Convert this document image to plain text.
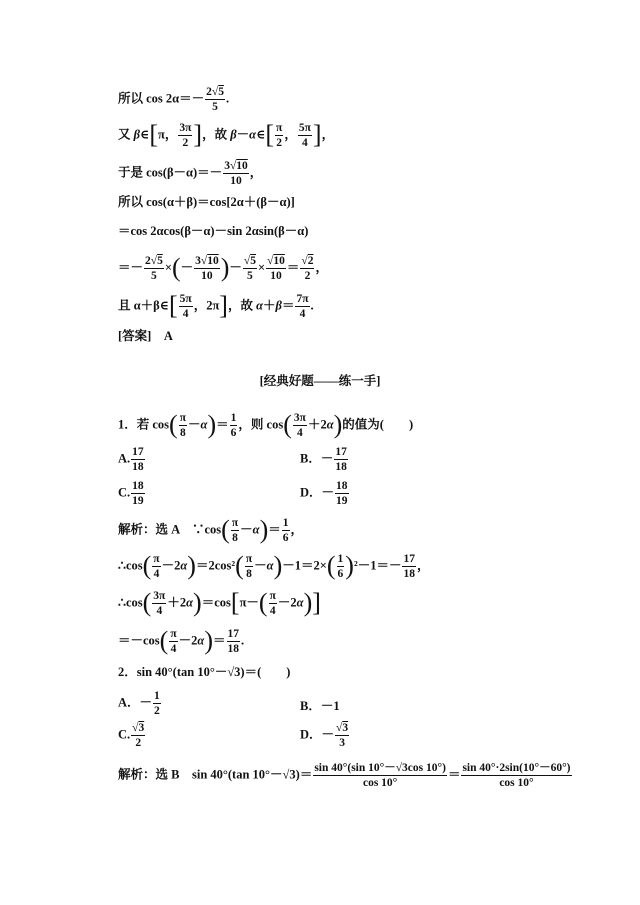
所以 $\cos 2\alpha=- \frac{2√5}{5}$ .
又 β∈[π， $\frac{3\pi}{2}$ ]，故 β－α∈[ $\frac{\pi}{2}$ ， $\frac{5\pi}{4}$ ]，
于是 $\cos(\beta-\alpha)=- \frac{3√10}{10}$ ，
所以 cos(α＋β)＝cos[2α＋(β－α)]
＝cos 2αcos(β－α)－sin 2αsin(β－α)
＝－ $\frac{2√5}{5}$ ×(－ $\frac{3√10}{10}$ )－ $\frac{√5}{5} \times \frac{√10}{10} = \frac{√2}{2}$ ，
且 α＋β∈[ $\frac{5\pi}{4}$ ，2π]，故 $\alpha+\beta= \frac{7\pi}{4}$ .
[答案]　A
[经典好题——练一手]
1．若 $\cos( \frac{\pi}{8} -\alpha)= \frac{1}{6}$ ，则 $\cos( \frac{3\pi}{4} +2\alpha)$的值为(　　)
A. $\frac{17}{18}$	B．－ $\frac{17}{18}$
C. $\frac{18}{19}$	D．－ $\frac{18}{19}$
解析：选 A　 ∵cos( $\frac{\pi}{8} -\alpha)= \frac{1}{6}$ ，
∴cos( $\frac{\pi}{4} -2\alpha)=2\cos^2( \frac{\pi}{8} -\alpha)-1=2\times( \frac{1}{6} )^2-1=- \frac{17}{18}$ ，
∴cos( $\frac{3\pi}{4} +2\alpha)=\cos[\pi-( \frac{\pi}{4} -2\alpha)]$
$=-\cos( \frac{\pi}{4} -2\alpha)= \frac{17}{18}$ .
2．sin 40°(tan 10°－√3)＝(　　)
A．－ $\frac{1}{2}$	B．－1
C. $\frac{√3}{2}$	D．－ $\frac{√3}{3}$
解析：选 B　 sin 40°(tan $10^\circ-√3)= \frac{\sin 40^\circ(\sin 10^\circ-√3\cos 10^\circ)}{\cos 10^\circ} = \frac{\sin 40^\circ\cdot 2\sin(10^\circ-60^\circ)}{\cos 10^\circ}$
